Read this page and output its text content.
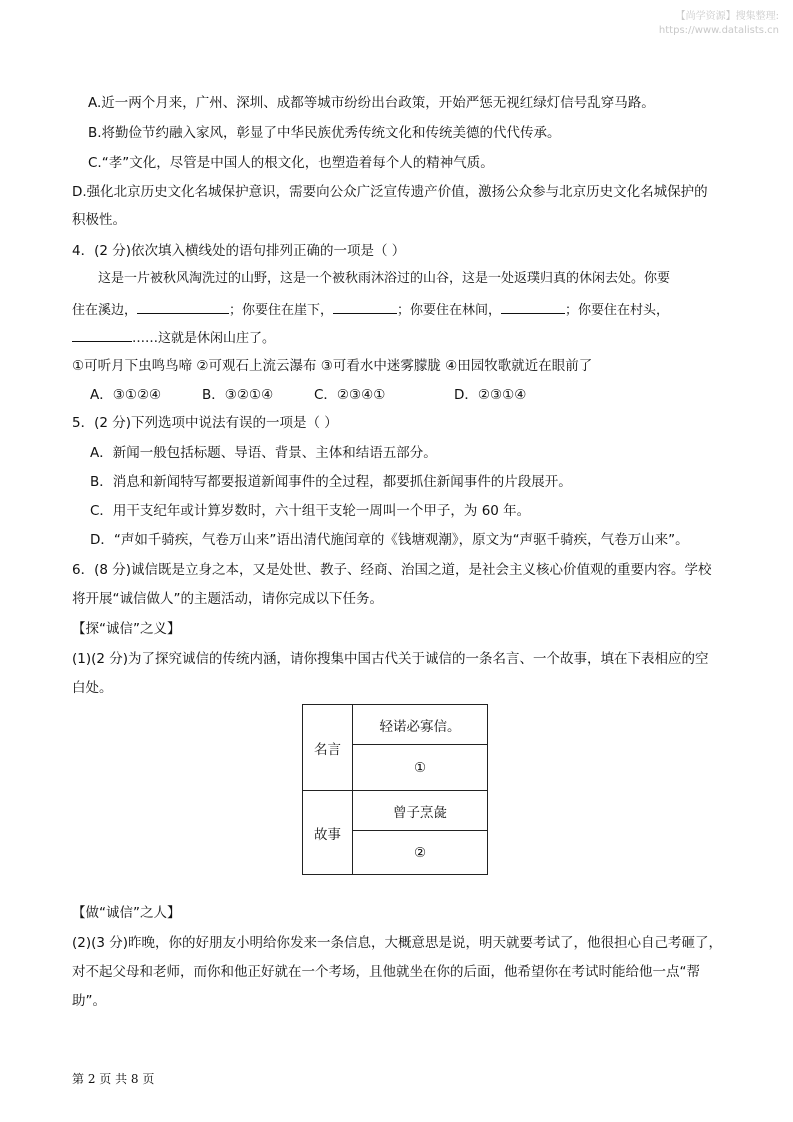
【尚学资源】搜集整理:
https://www.datalists.cn
A.近一两个月来，广州、深圳、成都等城市纷纷出台政策，开始严惩无视红绿灯信号乱穿马路。
B.将勤俭节约融入家风，彰显了中华民族优秀传统文化和传统美德的代代传承。
C.“孝”文化，尽管是中国人的根文化，也塑造着每个人的精神气质。
D.强化北京历史文化名城保护意识，需要向公众广泛宣传遗产价值，激扬公众参与北京历史文化名城保护的
积极性。
4．(2 分)依次填入横线处的语句排列正确的一项是（ ）
这是一片被秋风淘洗过的山野，这是一个被秋雨沐浴过的山谷，这是一处返璞归真的休闲去处。你要
住在溪边，	；你要住在崖下，	；你要住在林间，	；你要住在村头，
……这就是休闲山庄了。
①可听月下虫鸣鸟啼 ②可观石上流云瀑布 ③可看水中迷雾朦胧 ④田园牧歌就近在眼前了
A．③①②④	B．③②①④	C．②③④①	D．②③①④
5．(2 分)下列选项中说法有误的一项是（ ）
A．新闻一般包括标题、导语、背景、主体和结语五部分。
B．消息和新闻特写都要报道新闻事件的全过程，都要抓住新闻事件的片段展开。
C．用干支纪年或计算岁数时，六十组干支轮一周叫一个甲子，为 60 年。
D．“声如千骑疾，气卷万山来”语出清代施闰章的《钱塘观潮》，原文为“声驱千骑疾，气卷万山来”。
6．(8 分)诚信既是立身之本，又是处世、教子、经商、治国之道，是社会主义核心价值观的重要内容。学校
将开展“诚信做人”的主题活动，请你完成以下任务。
【探“诚信”之义】
(1)(2 分)为了探究诚信的传统内涵，请你搜集中国古代关于诚信的一条名言、一个故事，填在下表相应的空
白处。
名言	轻诺必寡信。
	①
故事	曾子烹彘
	②
【做“诚信”之人】
(2)(3 分)昨晚，你的好朋友小明给你发来一条信息，大概意思是说，明天就要考试了，他很担心自己考砸了，
对不起父母和老师，而你和他正好就在一个考场，且他就坐在你的后面，他希望你在考试时能给他一点“帮
助”。
第 2 页 共 8 页
